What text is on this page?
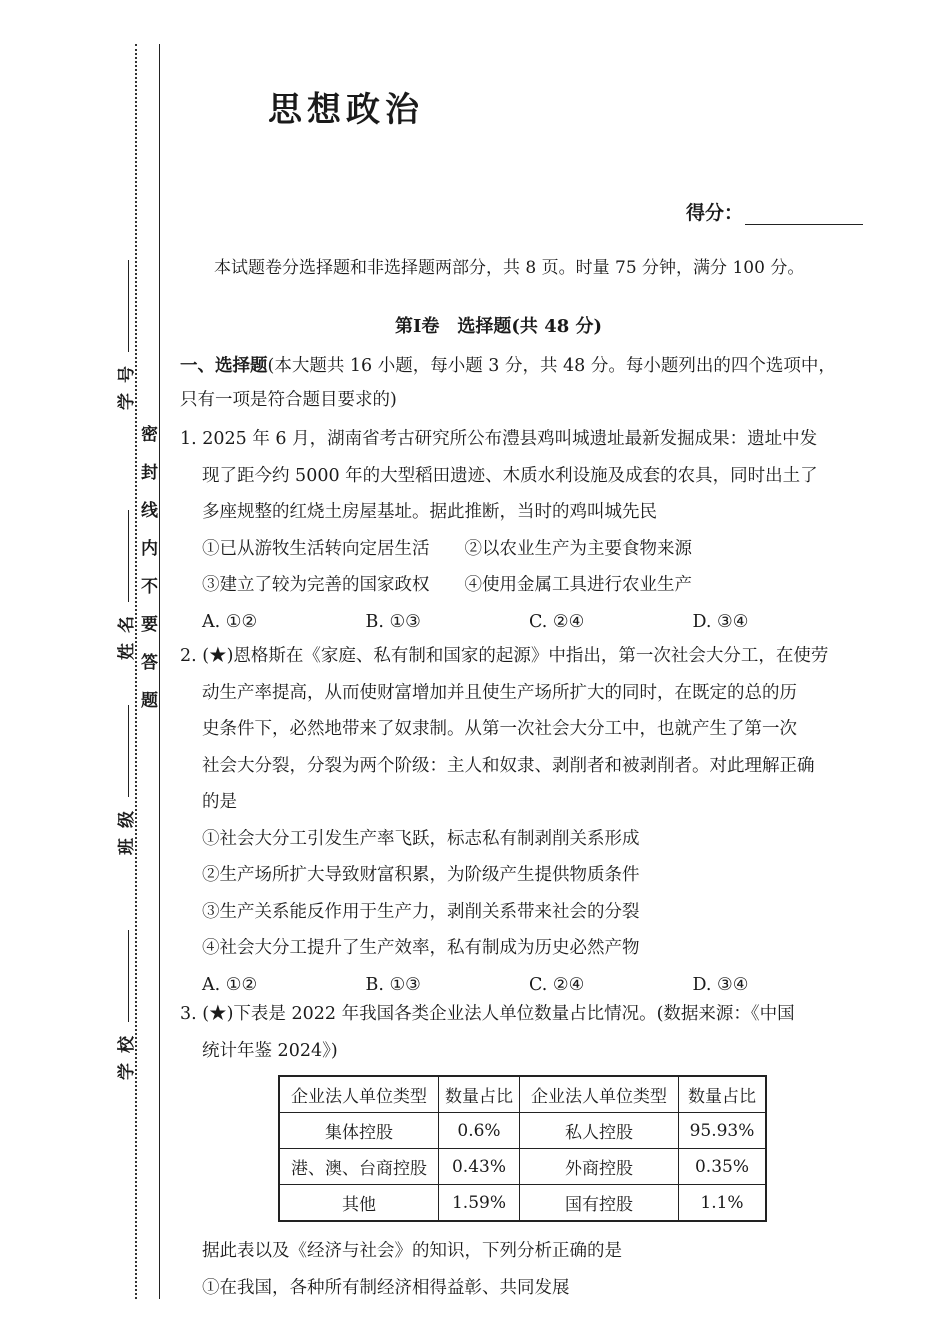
学号
姓名
班级
学校
密封线内不要答题
思想政治
得分：
本试题卷分选择题和非选择题两部分，共 8 页。时量 75 分钟，满分 100 分。
第Ⅰ卷　选择题(共 48 分)

一、选择题(本大题共 16 小题，每小题 3 分，共 48 分。每小题列出的四个选项中，

只有一项是符合题目要求的)

1. 2025 年 6 月，湖南省考古研究所公布澧县鸡叫城遗址最新发掘成果：遗址中发

现了距今约 5000 年的大型稻田遗迹、木质水利设施及成套的农具，同时出土了

多座规整的红烧土房屋基址。据此推断，当时的鸡叫城先民

①已从游牧生活转向定居生活　　②以农业生产为主要食物来源

③建立了较为完善的国家政权　　④使用金属工具进行农业生产

A. ①②	B. ①③	C. ②④	D. ③④

2. (★)恩格斯在《家庭、私有制和国家的起源》中指出，第一次社会大分工，在使劳

动生产率提高，从而使财富增加并且使生产场所扩大的同时，在既定的总的历

史条件下，必然地带来了奴隶制。从第一次社会大分工中，也就产生了第一次

社会大分裂，分裂为两个阶级：主人和奴隶、剥削者和被剥削者。对此理解正确

的是

①社会大分工引发生产率飞跃，标志私有制剥削关系形成

②生产场所扩大导致财富积累，为阶级产生提供物质条件

③生产关系能反作用于生产力，剥削关系带来社会的分裂

④社会大分工提升了生产效率，私有制成为历史必然产物

A. ①②	B. ①③	C. ②④	D. ③④

3. (★)下表是 2022 年我国各类企业法人单位数量占比情况。(数据来源：《中国

统计年鉴 2024》)

企业法人单位类型	数量占比	企业法人单位类型	数量占比
集体控股	0.6%	私人控股	95.93%
港、澳、台商控股	0.43%	外商控股	0.35%
其他	1.59%	国有控股	1.1%

据此表以及《经济与社会》的知识，下列分析正确的是

①在我国，各种所有制经济相得益彰、共同发展
